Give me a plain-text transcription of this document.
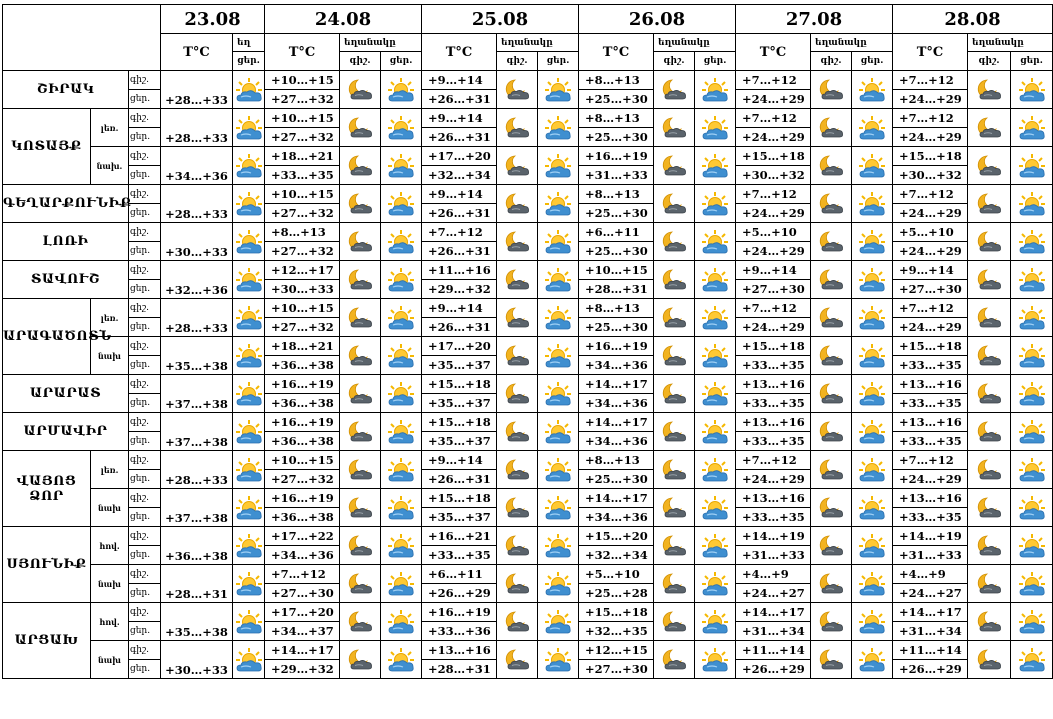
			23.08		24.08			25.08			26.08			27.08			28.08		
			T°C	եղ	T°C	եղանակը		T°C	եղանակը		T°C	եղանակը		T°C	եղանակը		T°C	եղանակը	
				ցեր.		գիշ.	ցեր.		գիշ.	ցեր.		գիշ.	ցեր.		գիշ.	ցեր.		գիշ.	ցեր.
ՇԻՐԱԿ		գիշ.	+28…+33		+10…+15			+9…+14			+8…+13			+7…+12			+7…+12		
		ցեր.			+27…+32			+26…+31			+25…+30			+24…+29			+24…+29		
ԿՈՏԱՅՔ	լեռ.	գիշ.	+28…+33		+10…+15			+9…+14			+8…+13			+7…+12			+7…+12		
		ցեր.			+27…+32			+26…+31			+25…+30			+24…+29			+24…+29		
	նախ.	գիշ.	+34…+36		+18…+21			+17…+20			+16…+19			+15…+18			+15…+18		
		ցեր.			+33…+35			+32…+34			+31…+33			+30…+32			+30…+32		
ԳԵՂԱՐՔՈՒՆԻՔ		գիշ.	+28…+33		+10…+15			+9…+14			+8…+13			+7…+12			+7…+12		
		ցեր.			+27…+32			+26…+31			+25…+30			+24…+29			+24…+29		
ԼՈՌԻ		գիշ.	+30…+33		+8…+13			+7…+12			+6…+11			+5…+10			+5…+10		
		ցեր.			+27…+32			+26…+31			+25…+30			+24…+29			+24…+29		
ՏԱՎՈՒՇ		գիշ.	+32…+36		+12…+17			+11…+16			+10…+15			+9…+14			+9…+14		
		ցեր.			+30…+33			+29…+32			+28…+31			+27…+30			+27…+30		
ԱՐԱԳԱԾՈՏՆ	լեռ.	գիշ.	+28…+33		+10…+15			+9…+14			+8…+13			+7…+12			+7…+12		
		ցեր.			+27…+32			+26…+31			+25…+30			+24…+29			+24…+29		
	նախ	գիշ.	+35…+38		+18…+21			+17…+20			+16…+19			+15…+18			+15…+18		
		ցեր.			+36…+38			+35…+37			+34…+36			+33…+35			+33…+35		
ԱՐԱՐԱՏ		գիշ.	+37…+38		+16…+19			+15…+18			+14…+17			+13…+16			+13…+16		
		ցեր.			+36…+38			+35…+37			+34…+36			+33…+35			+33…+35		
ԱՐՄԱՎԻՐ		գիշ.	+37…+38		+16…+19			+15…+18			+14…+17			+13…+16			+13…+16		
		ցեր.			+36…+38			+35…+37			+34…+36			+33…+35			+33…+35		
ՎԱՅՈՑ ՁՈՐ	լեռ.	գիշ.	+28…+33		+10…+15			+9…+14			+8…+13			+7…+12			+7…+12		
		ցեր.			+27…+32			+26…+31			+25…+30			+24…+29			+24…+29		
	նախ	գիշ.	+37…+38		+16…+19			+15…+18			+14…+17			+13…+16			+13…+16		
		ցեր.			+36…+38			+35…+37			+34…+36			+33…+35			+33…+35		
ՍՅՈՒՆԻՔ	հով.	գիշ.	+36…+38		+17…+22			+16…+21			+15…+20			+14…+19			+14…+19		
		ցեր.			+34…+36			+33…+35			+32…+34			+31…+33			+31…+33		
	նախ	գիշ.	+28…+31		+7…+12			+6…+11			+5…+10			+4…+9			+4…+9		
		ցեր.			+27…+30			+26…+29			+25…+28			+24…+27			+24…+27		
ԱՐՑԱԽ	հով.	գիշ.	+35…+38		+17…+20			+16…+19			+15…+18			+14…+17			+14…+17		
		ցեր.			+34…+37			+33…+36			+32…+35			+31…+34			+31…+34		
	նախ	գիշ.	+30…+33		+14…+17			+13…+16			+12…+15			+11…+14			+11…+14		
		ցեր.			+29…+32			+28…+31			+27…+30			+26…+29			+26…+29		
